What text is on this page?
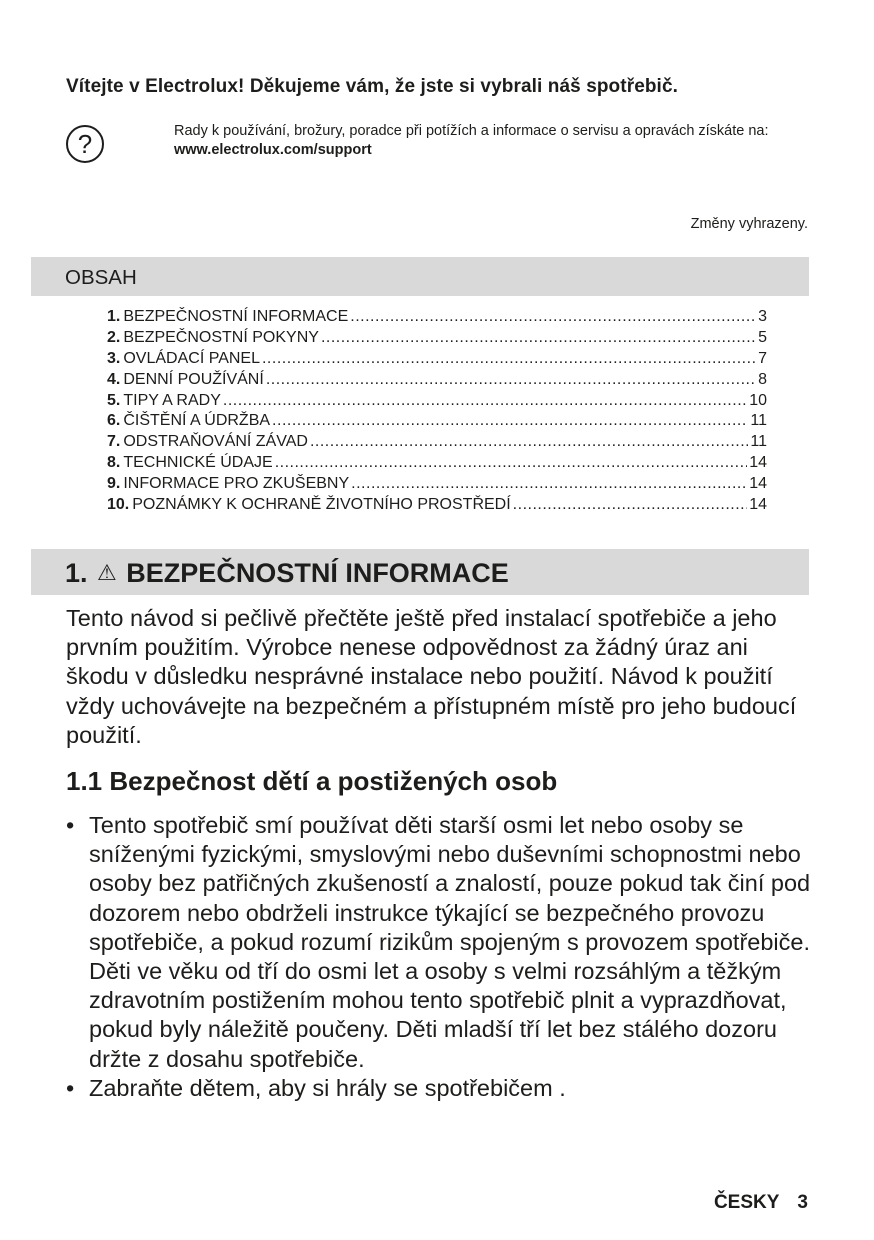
Vítejte v Electrolux! Děkujeme vám, že jste si vybrali náš spotřebič.
?	Rady k používání, brožury, poradce při potížích a informace o servisu a opravách získáte na:
www.electrolux.com/support
Změny vyhrazeny.
OBSAH
1. BEZPEČNOSTNÍ INFORMACE .....	3
2. BEZPEČNOSTNÍ POKYNY .....	5
3. OVLÁDACÍ PANEL .....	7
4. DENNÍ POUŽÍVÁNÍ .....	8
5. TIPY A RADY .....	10
6. ČIŠTĚNÍ A ÚDRŽBA .....	11
7. ODSTRAŇOVÁNÍ ZÁVAD .....	11
8. TECHNICKÉ ÚDAJE .....	14
9. INFORMACE PRO ZKUŠEBNY .....	14
10. POZNÁMKY K OCHRANĚ ŽIVOTNÍHO PROSTŘEDÍ .....	14
1. ⚠ BEZPEČNOSTNÍ INFORMACE

Tento návod si pečlivě přečtěte ještě před instalací spotřebiče a jeho prvním použitím. Výrobce nenese odpovědnost za žádný úraz ani škodu v důsledku nesprávné instalace nebo použití. Návod k použití vždy uchovávejte na bezpečném a přístupném místě pro jeho budoucí použití.

1.1 Bezpečnost dětí a postižených osob
• Tento spotřebič smí používat děti starší osmi let nebo osoby se sníženými fyzickými, smyslovými nebo duševními schopnostmi nebo osoby bez patřičných zkušeností a znalostí, pouze pokud tak činí pod dozorem nebo obdrželi instrukce týkající se bezpečného provozu spotřebiče, a pokud rozumí rizikům spojeným s provozem spotřebiče. Děti ve věku od tří do osmi let a osoby s velmi rozsáhlým a těžkým zdravotním postižením mohou tento spotřebič plnit a vyprazdňovat, pokud byly náležitě poučeny. Děti mladší tří let bez stálého dozoru držte z dosahu spotřebiče.
• Zabraňte dětem, aby si hrály se spotřebičem .
ČESKY 3
